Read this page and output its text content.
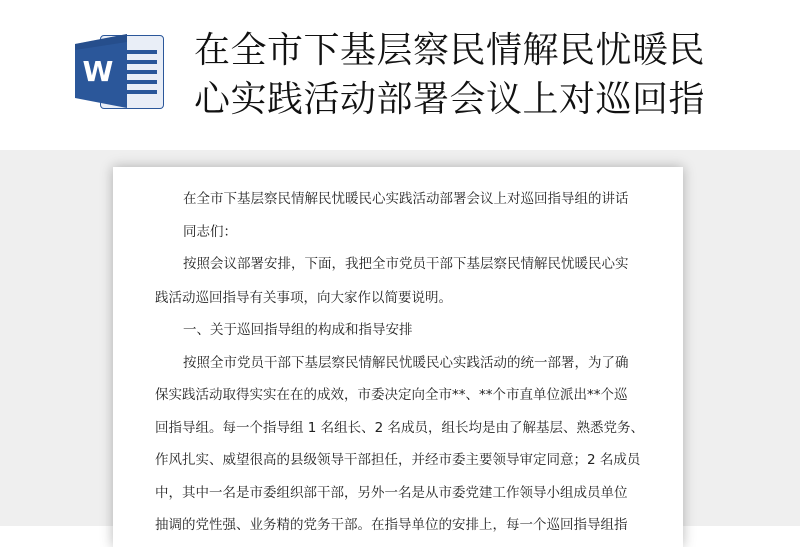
W
在全市下基层察民情解民忧暖民
心实践活动部署会议上对巡回指
在全市下基层察民情解民忧暖民心实践活动部署会议上对巡回指导组的讲话
同志们：
按照会议部署安排，下面，我把全市党员干部下基层察民情解民忧暖民心实
践活动巡回指导有关事项，向大家作以简要说明。
一、关于巡回指导组的构成和指导安排
按照全市党员干部下基层察民情解民忧暖民心实践活动的统一部署，为了确
保实践活动取得实实在在的成效，市委决定向全市**、**个市直单位派出**个巡
回指导组。每一个指导组 1 名组长、2 名成员，组长均是由了解基层、熟悉党务、
作风扎实、威望很高的县级领导干部担任，并经市委主要领导审定同意；2 名成员
中，其中一名是市委组织部干部，另外一名是从市委党建工作领导小组成员单位
抽调的党性强、业务精的党务干部。在指导单位的安排上，每一个巡回指导组指
